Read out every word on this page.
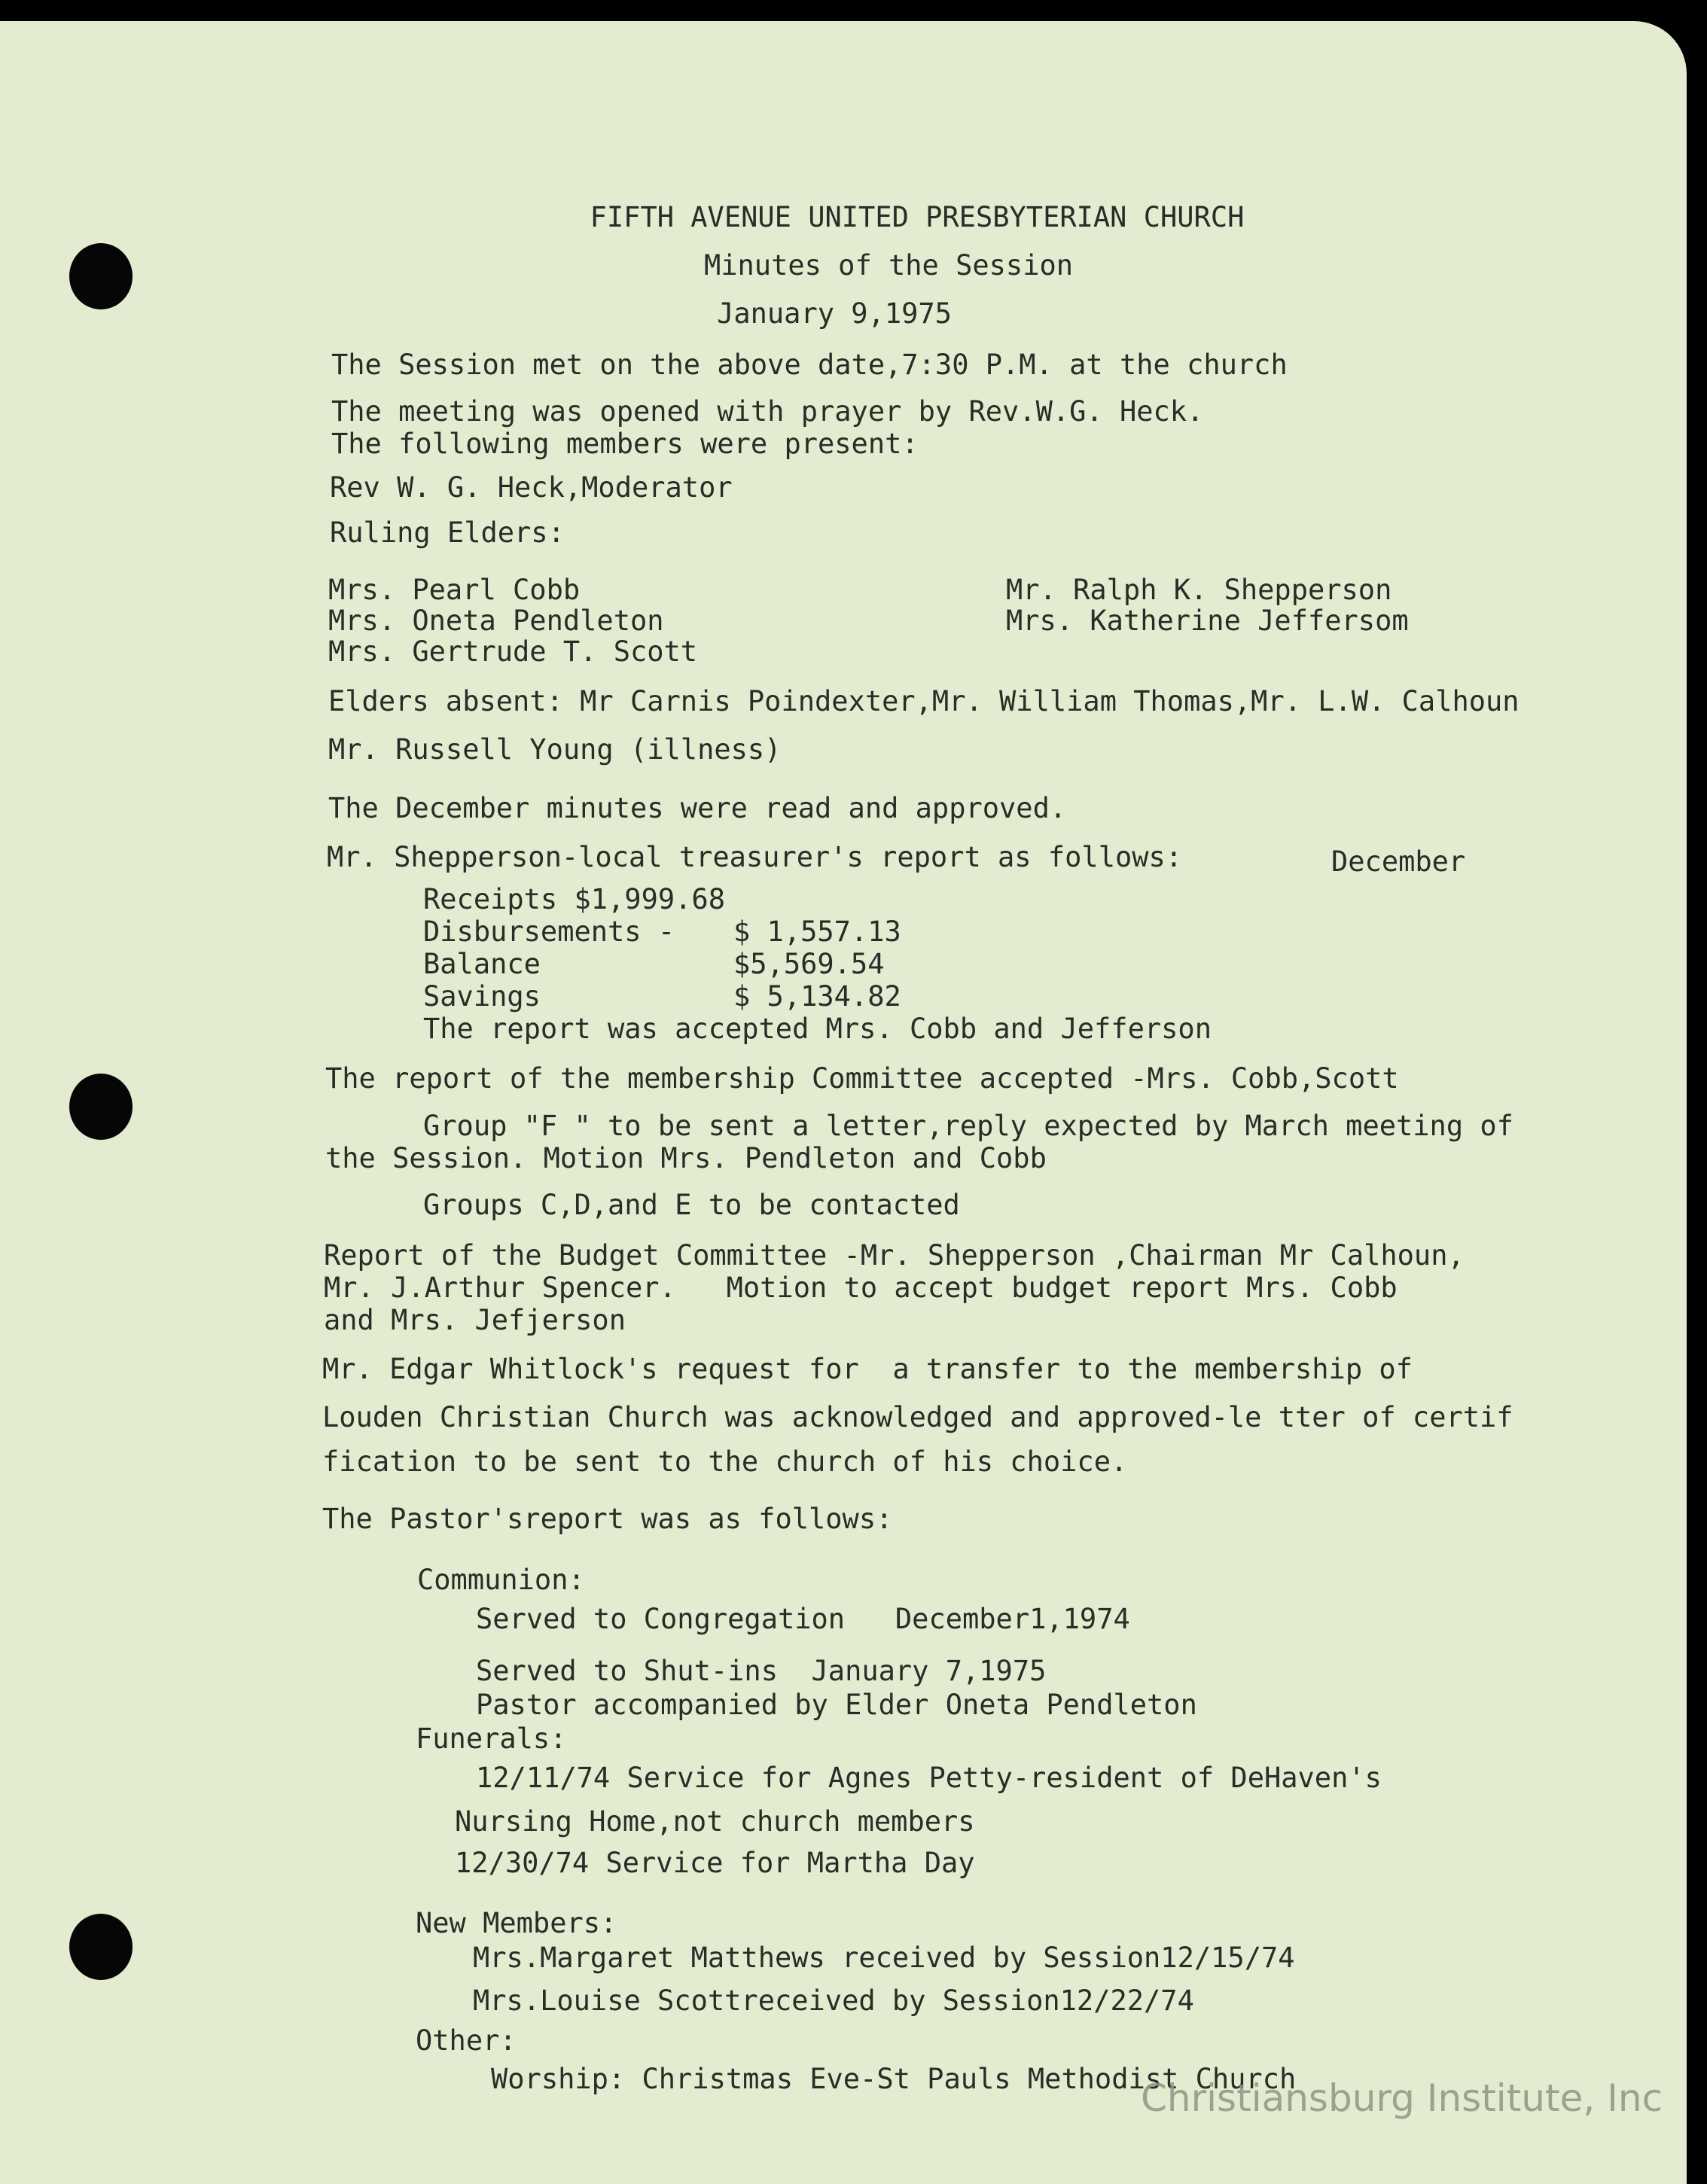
FIFTH AVENUE UNITED PRESBYTERIAN CHURCH
Minutes of the Session
January 9,1975
The Session met on the above date,7:30 P.M. at the church
The meeting was opened with prayer by Rev.W.G. Heck.
The following members were present:
Rev W. G. Heck,Moderator
Ruling Elders:
Mrs. Pearl Cobb
Mrs. Oneta Pendleton
Mrs. Gertrude T. Scott
Mr. Ralph K. Shepperson
Mrs. Katherine Jeffersom
Elders absent: Mr Carnis Poindexter,Mr. William Thomas,Mr. L.W. Calhoun
Mr. Russell Young (illness)
The December minutes were read and approved.
Mr. Shepperson-local treasurer's report as follows:	December
Receipts $1,999.68
Disbursements - $ 1,557.13
Balance	$5,569.54
Savings	$ 5,134.82
The report was accepted Mrs. Cobb and Jefferson
The report of the membership Committee accepted -Mrs. Cobb,Scott
Group "F " to be sent a letter,reply expected by March meeting of
the Session. Motion Mrs. Pendleton and Cobb
Groups C,D,and E to be contacted
Report of the Budget Committee -Mr. Shepperson ,Chairman Mr Calhoun,
Mr. J.Arthur Spencer.   Motion to accept budget report Mrs. Cobb
and Mrs. Jefjerson
Mr. Edgar Whitlock's request for  a transfer to the membership of
Louden Christian Church was acknowledged and approved-le tter of certif
fication to be sent to the church of his choice.
The Pastor'sreport was as follows:
Communion:
Served to Congregation   December1,1974
Served to Shut-ins  January 7,1975
Pastor accompanied by Elder Oneta Pendleton
Funerals:
12/11/74 Service for Agnes Petty-resident of DeHaven's
Nursing Home,not church members
12/30/74 Service for Martha Day
New Members:
Mrs.Margaret Matthews received by Session12/15/74
Mrs.Louise Scottreceived by Session12/22/74
Other:
Worship: Christmas Eve-St Pauls Methodist Church
Christiansburg Institute, Inc
